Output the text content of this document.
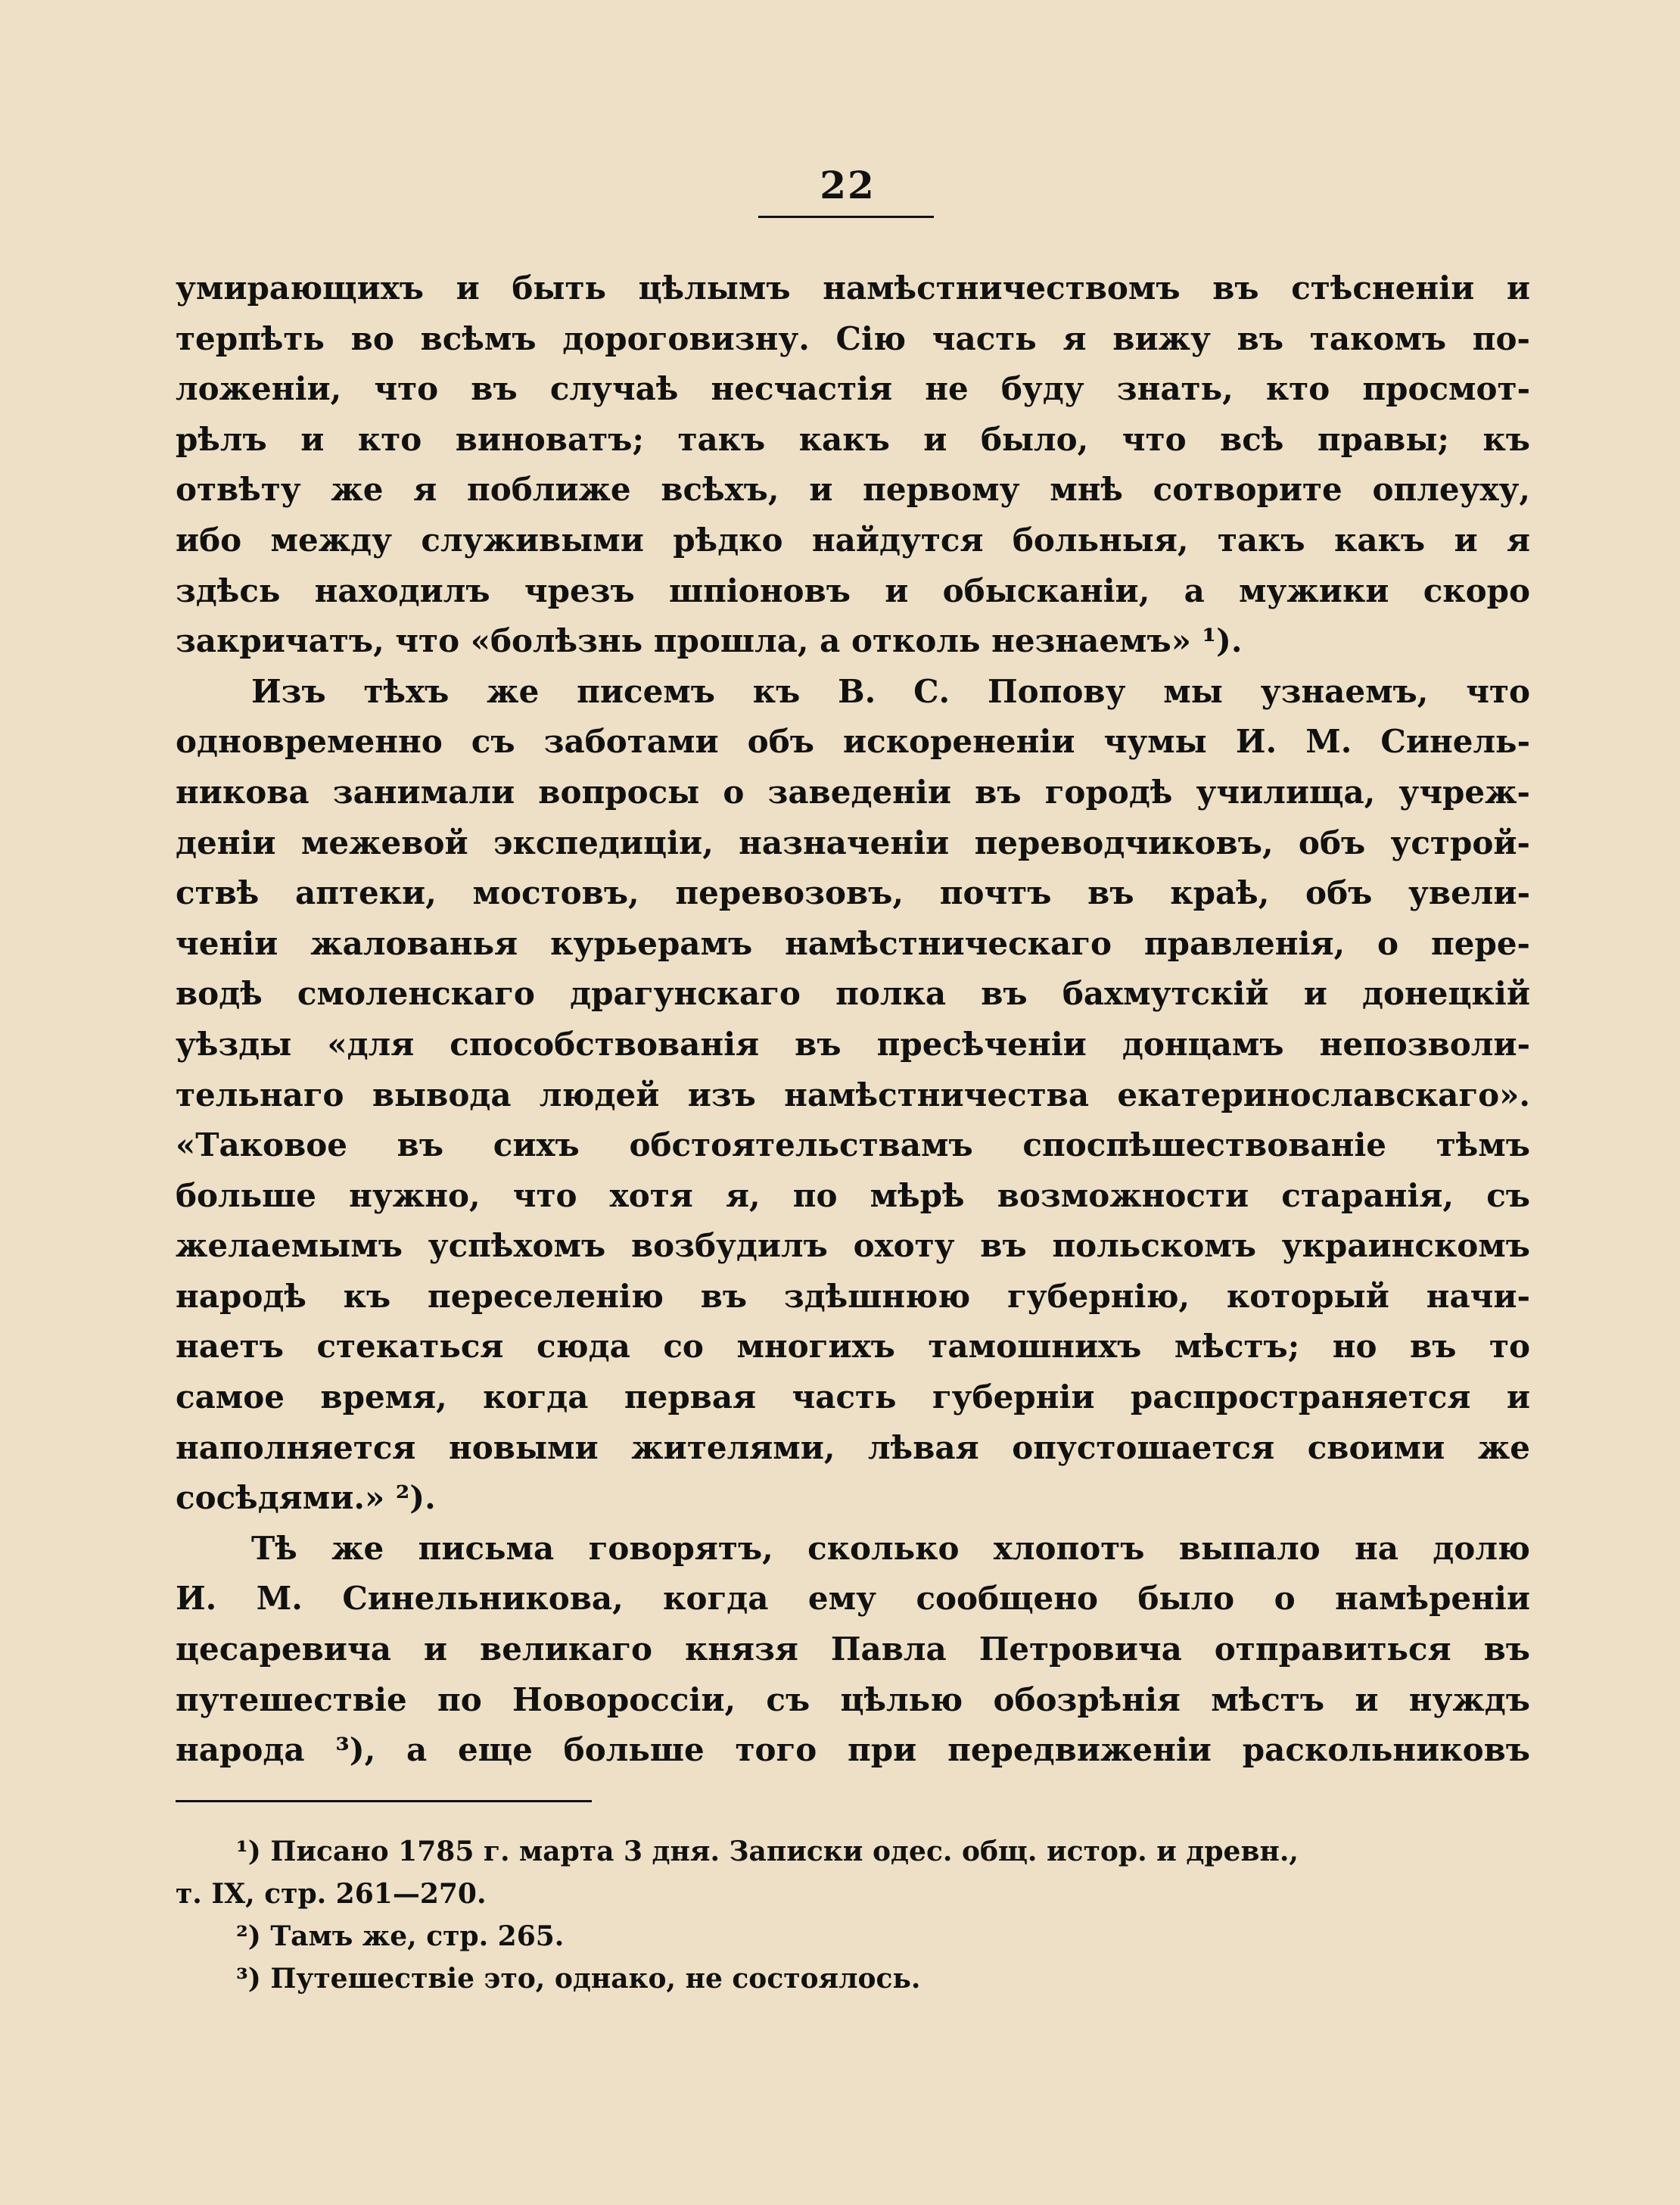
22
умирающихъ и быть цѣлымъ намѣстничествомъ въ стѣсненіи и
терпѣть во всѣмъ дороговизну. Сію часть я вижу въ такомъ по-
ложеніи, что въ случаѣ несчастія не буду знать, кто просмот-
рѣлъ и кто виноватъ; такъ какъ и было, что всѣ правы; къ
отвѣту же я поближе всѣхъ, и первому мнѣ сотворите оплеуху,
ибо между служивыми рѣдко найдутся больныя, такъ какъ и я
здѣсь находилъ чрезъ шпіоновъ и обысканіи, а мужики скоро
закричатъ, что «болѣзнь прошла, а отколь незнаемъ» ¹).
Изъ тѣхъ же писемъ къ В. С. Попову мы узнаемъ, что
одновременно съ заботами объ искорененіи чумы И. М. Синель-
никова занимали вопросы о заведеніи въ городѣ училища, учреж-
деніи межевой экспедиціи, назначеніи переводчиковъ, объ устрой-
ствѣ аптеки, мостовъ, перевозовъ, почтъ въ краѣ, объ увели-
ченіи жалованья курьерамъ намѣстническаго правленія, о пере-
водѣ смоленскаго драгунскаго полка въ бахмутскій и донецкій
уѣзды «для способствованія въ пресѣченіи донцамъ непозволи-
тельнаго вывода людей изъ намѣстничества екатеринославскаго».
«Таковое въ сихъ обстоятельствамъ споспѣшествованіе тѣмъ
больше нужно, что хотя я, по мѣрѣ возможности старанія, съ
желаемымъ успѣхомъ возбудилъ охоту въ польскомъ украинскомъ
народѣ къ переселенію въ здѣшнюю губернію, который начи-
наетъ стекаться сюда со многихъ тамошнихъ мѣстъ; но въ то
самое время, когда первая часть губерніи распространяется и
наполняется новыми жителями, лѣвая опустошается своими же
сосѣдями.» ²).
Тѣ же письма говорятъ, сколько хлопотъ выпало на долю
И. М. Синельникова, когда ему сообщено было о намѣреніи
цесаревича и великаго князя Павла Петровича отправиться въ
путешествіе по Новороссіи, съ цѣлью обозрѣнія мѣстъ и нуждъ
народа ³), а еще больше того при передвиженіи раскольниковъ
¹) Писано 1785 г. марта 3 дня. Записки одес. общ. истор. и древн.,
т. IX, стр. 261—270.
²) Тамъ же, стр. 265.
³) Путешествіе это, однако, не состоялось.
